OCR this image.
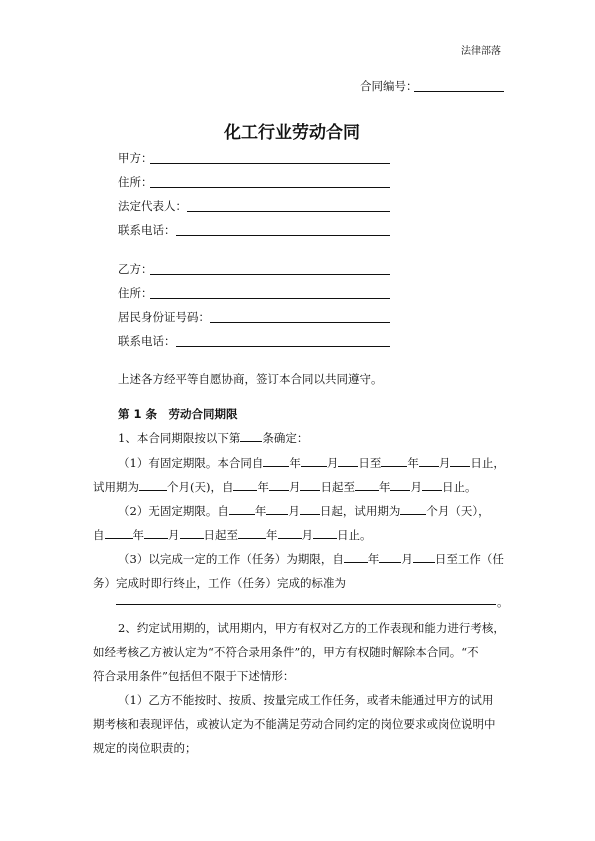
法律部落
合同编号：
化工行业劳动合同
甲方：
住所：
法定代表人：
联系电话：
乙方：
住所：
居民身份证号码：
联系电话：
上述各方经平等自愿协商，签订本合同以共同遵守。
第 1 条　劳动合同期限
1、本合同期限按以下第 条确定：
（1）有固定期限。本合同自 年 月 日至 年 月 日止，
试用期为 个月(天)，自 年 月 日起至 年 月 日止。
（2）无固定期限。自 年 月 日起，试用期为 个月（天），
自 年 月 日起至 年 月 日止。
（3）以完成一定的工作（任务）为期限，自 年 月 日至工作（任
务）完成时即行终止，工作（任务）完成的标准为
。
2、约定试用期的，试用期内，甲方有权对乙方的工作表现和能力进行考核，
如经考核乙方被认定为“不符合录用条件”的，甲方有权随时解除本合同。“不
符合录用条件”包括但不限于下述情形：
（1）乙方不能按时、按质、按量完成工作任务，或者未能通过甲方的试用
期考核和表现评估，或被认定为不能满足劳动合同约定的岗位要求或岗位说明中
规定的岗位职责的；
